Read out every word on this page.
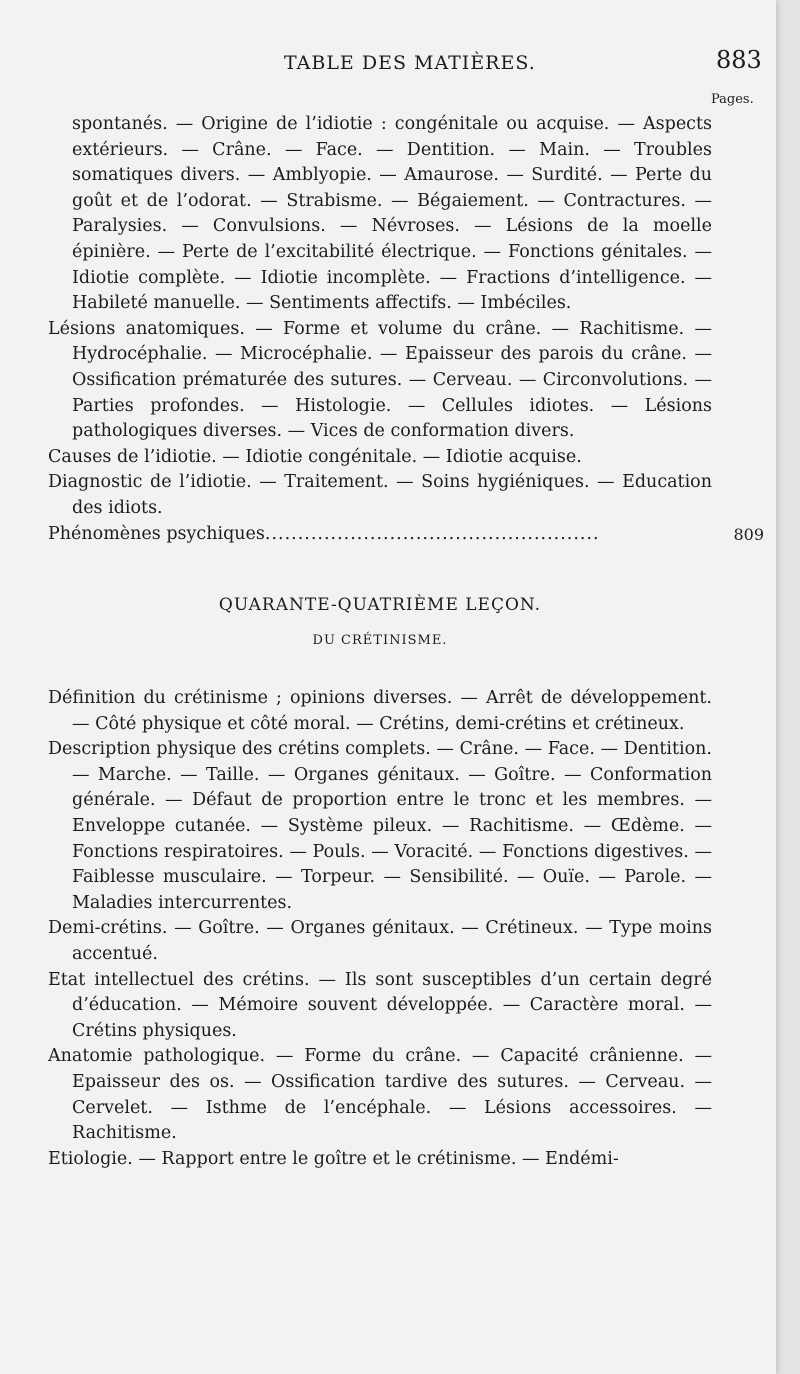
TABLE DES MATIÈRES.	883
Pages.

spontanés. — Origine de l’idiotie : congénitale ou acquise. — Aspects extérieurs. — Crâne. — Face. — Dentition. — Main. — Troubles somatiques divers. — Amblyopie. — Amaurose. — Surdité. — Perte du goût et de l’odorat. — Strabisme. — Bégaiement. — Contractures. — Paralysies. — Convulsions. — Névroses. — Lésions de la moelle épinière. — Perte de l’excitabilité électrique. — Fonctions génitales. — Idiotie complète. — Idiotie incomplète. — Fractions d’intelligence. — Habileté manuelle. — Sentiments affectifs. — Imbéciles.

Lésions anatomiques. — Forme et volume du crâne. — Rachitisme. — Hydrocéphalie. — Microcéphalie. — Epaisseur des parois du crâne. — Ossification prématurée des sutures. — Cerveau. — Circonvolutions. — Parties profondes. — Histologie. — Cellules idiotes. — Lésions pathologiques diverses. — Vices de conformation divers.

Causes de l’idiotie. — Idiotie congénitale. — Idiotie acquise.

Diagnostic de l’idiotie. — Traitement. — Soins hygiéniques. — Education des idiots.

Phénomènes psychiques...................................................	809

QUARANTE-QUATRIÈME LEÇON.
DU CRÉTINISME.

Définition du crétinisme ; opinions diverses. — Arrêt de développement. — Côté physique et côté moral. — Crétins, demi-crétins et crétineux.

Description physique des crétins complets. — Crâne. — Face. — Dentition. — Marche. — Taille. — Organes génitaux. — Goître. — Conformation générale. — Défaut de proportion entre le tronc et les membres. — Enveloppe cutanée. — Système pileux. — Rachitisme. — Œdème. — Fonctions respiratoires. — Pouls. — Voracité. — Fonctions digestives. — Faiblesse musculaire. — Torpeur. — Sensibilité. — Ouïe. — Parole. — Maladies intercurrentes.

Demi-crétins. — Goître. — Organes génitaux. — Crétineux. — Type moins accentué.

Etat intellectuel des crétins. — Ils sont susceptibles d’un certain degré d’éducation. — Mémoire souvent développée. — Caractère moral. — Crétins physiques.

Anatomie pathologique. — Forme du crâne. — Capacité crânienne. — Epaisseur des os. — Ossification tardive des sutures. — Cerveau. — Cervelet. — Isthme de l’encéphale. — Lésions accessoires. — Rachitisme.

Etiologie. — Rapport entre le goître et le crétinisme. — Endémi-
